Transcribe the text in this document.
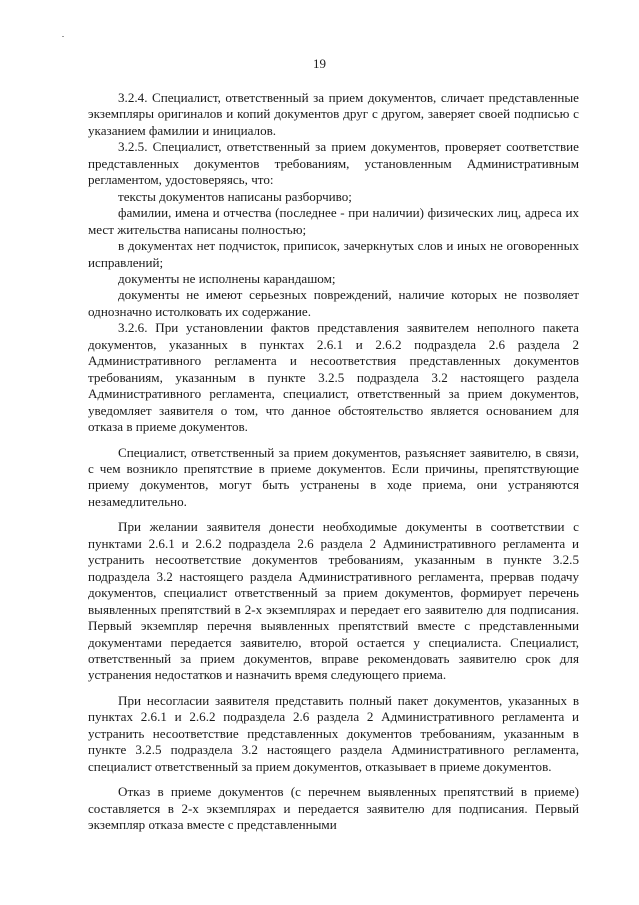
19

3.2.4. Специалист, ответственный за прием документов, сличает представленные экземпляры оригиналов и копий документов друг с другом, заверяет своей подписью с указанием фамилии и инициалов.

3.2.5. Специалист, ответственный за прием документов, проверяет соответствие представленных документов требованиям, установленным Административным регламентом, удостоверяясь, что:

тексты документов написаны разборчиво;

фамилии, имена и отчества (последнее - при наличии) физических лиц, адреса их мест жительства написаны полностью;

в документах нет подчисток, приписок, зачеркнутых слов и иных не оговоренных исправлений;

документы не исполнены карандашом;

документы не имеют серьезных повреждений, наличие которых не позволяет однозначно истолковать их содержание.

3.2.6. При установлении фактов представления заявителем неполного пакета документов, указанных в пунктах 2.6.1 и 2.6.2 подраздела 2.6 раздела 2 Административного регламента и несоответствия представленных документов требованиям, указанным в пункте 3.2.5 подраздела 3.2 настоящего раздела Административного регламента, специалист, ответственный за прием документов, уведомляет заявителя о том, что данное обстоятельство является основанием для отказа в приеме документов.

Специалист, ответственный за прием документов, разъясняет заявителю, в связи, с чем возникло препятствие в приеме документов. Если причины, препятствующие приему документов, могут быть устранены в ходе приема, они устраняются незамедлительно.

При желании заявителя донести необходимые документы в соответствии с пунктами 2.6.1 и 2.6.2 подраздела 2.6 раздела 2 Административного регламента и устранить несоответствие документов требованиям, указанным в пункте 3.2.5 подраздела 3.2 настоящего раздела Административного регламента, прервав подачу документов, специалист ответственный за прием документов, формирует перечень выявленных препятствий в 2-х экземплярах и передает его заявителю для подписания. Первый экземпляр перечня выявленных препятствий вместе с представленными документами передается заявителю, второй остается у специалиста. Специалист, ответственный за прием документов, вправе рекомендовать заявителю срок для устранения недостатков и назначить время следующего приема.

При несогласии заявителя представить полный пакет документов, указанных в пунктах 2.6.1 и 2.6.2 подраздела 2.6 раздела 2 Административного регламента и устранить несоответствие представленных документов требованиям, указанным в пункте 3.2.5 подраздела 3.2 настоящего раздела Административного регламента, специалист ответственный за прием документов, отказывает в приеме документов.

Отказ в приеме документов (с перечнем выявленных препятствий в приеме) составляется в 2-х экземплярах и передается заявителю для подписания. Первый экземпляр отказа вместе с представленными
